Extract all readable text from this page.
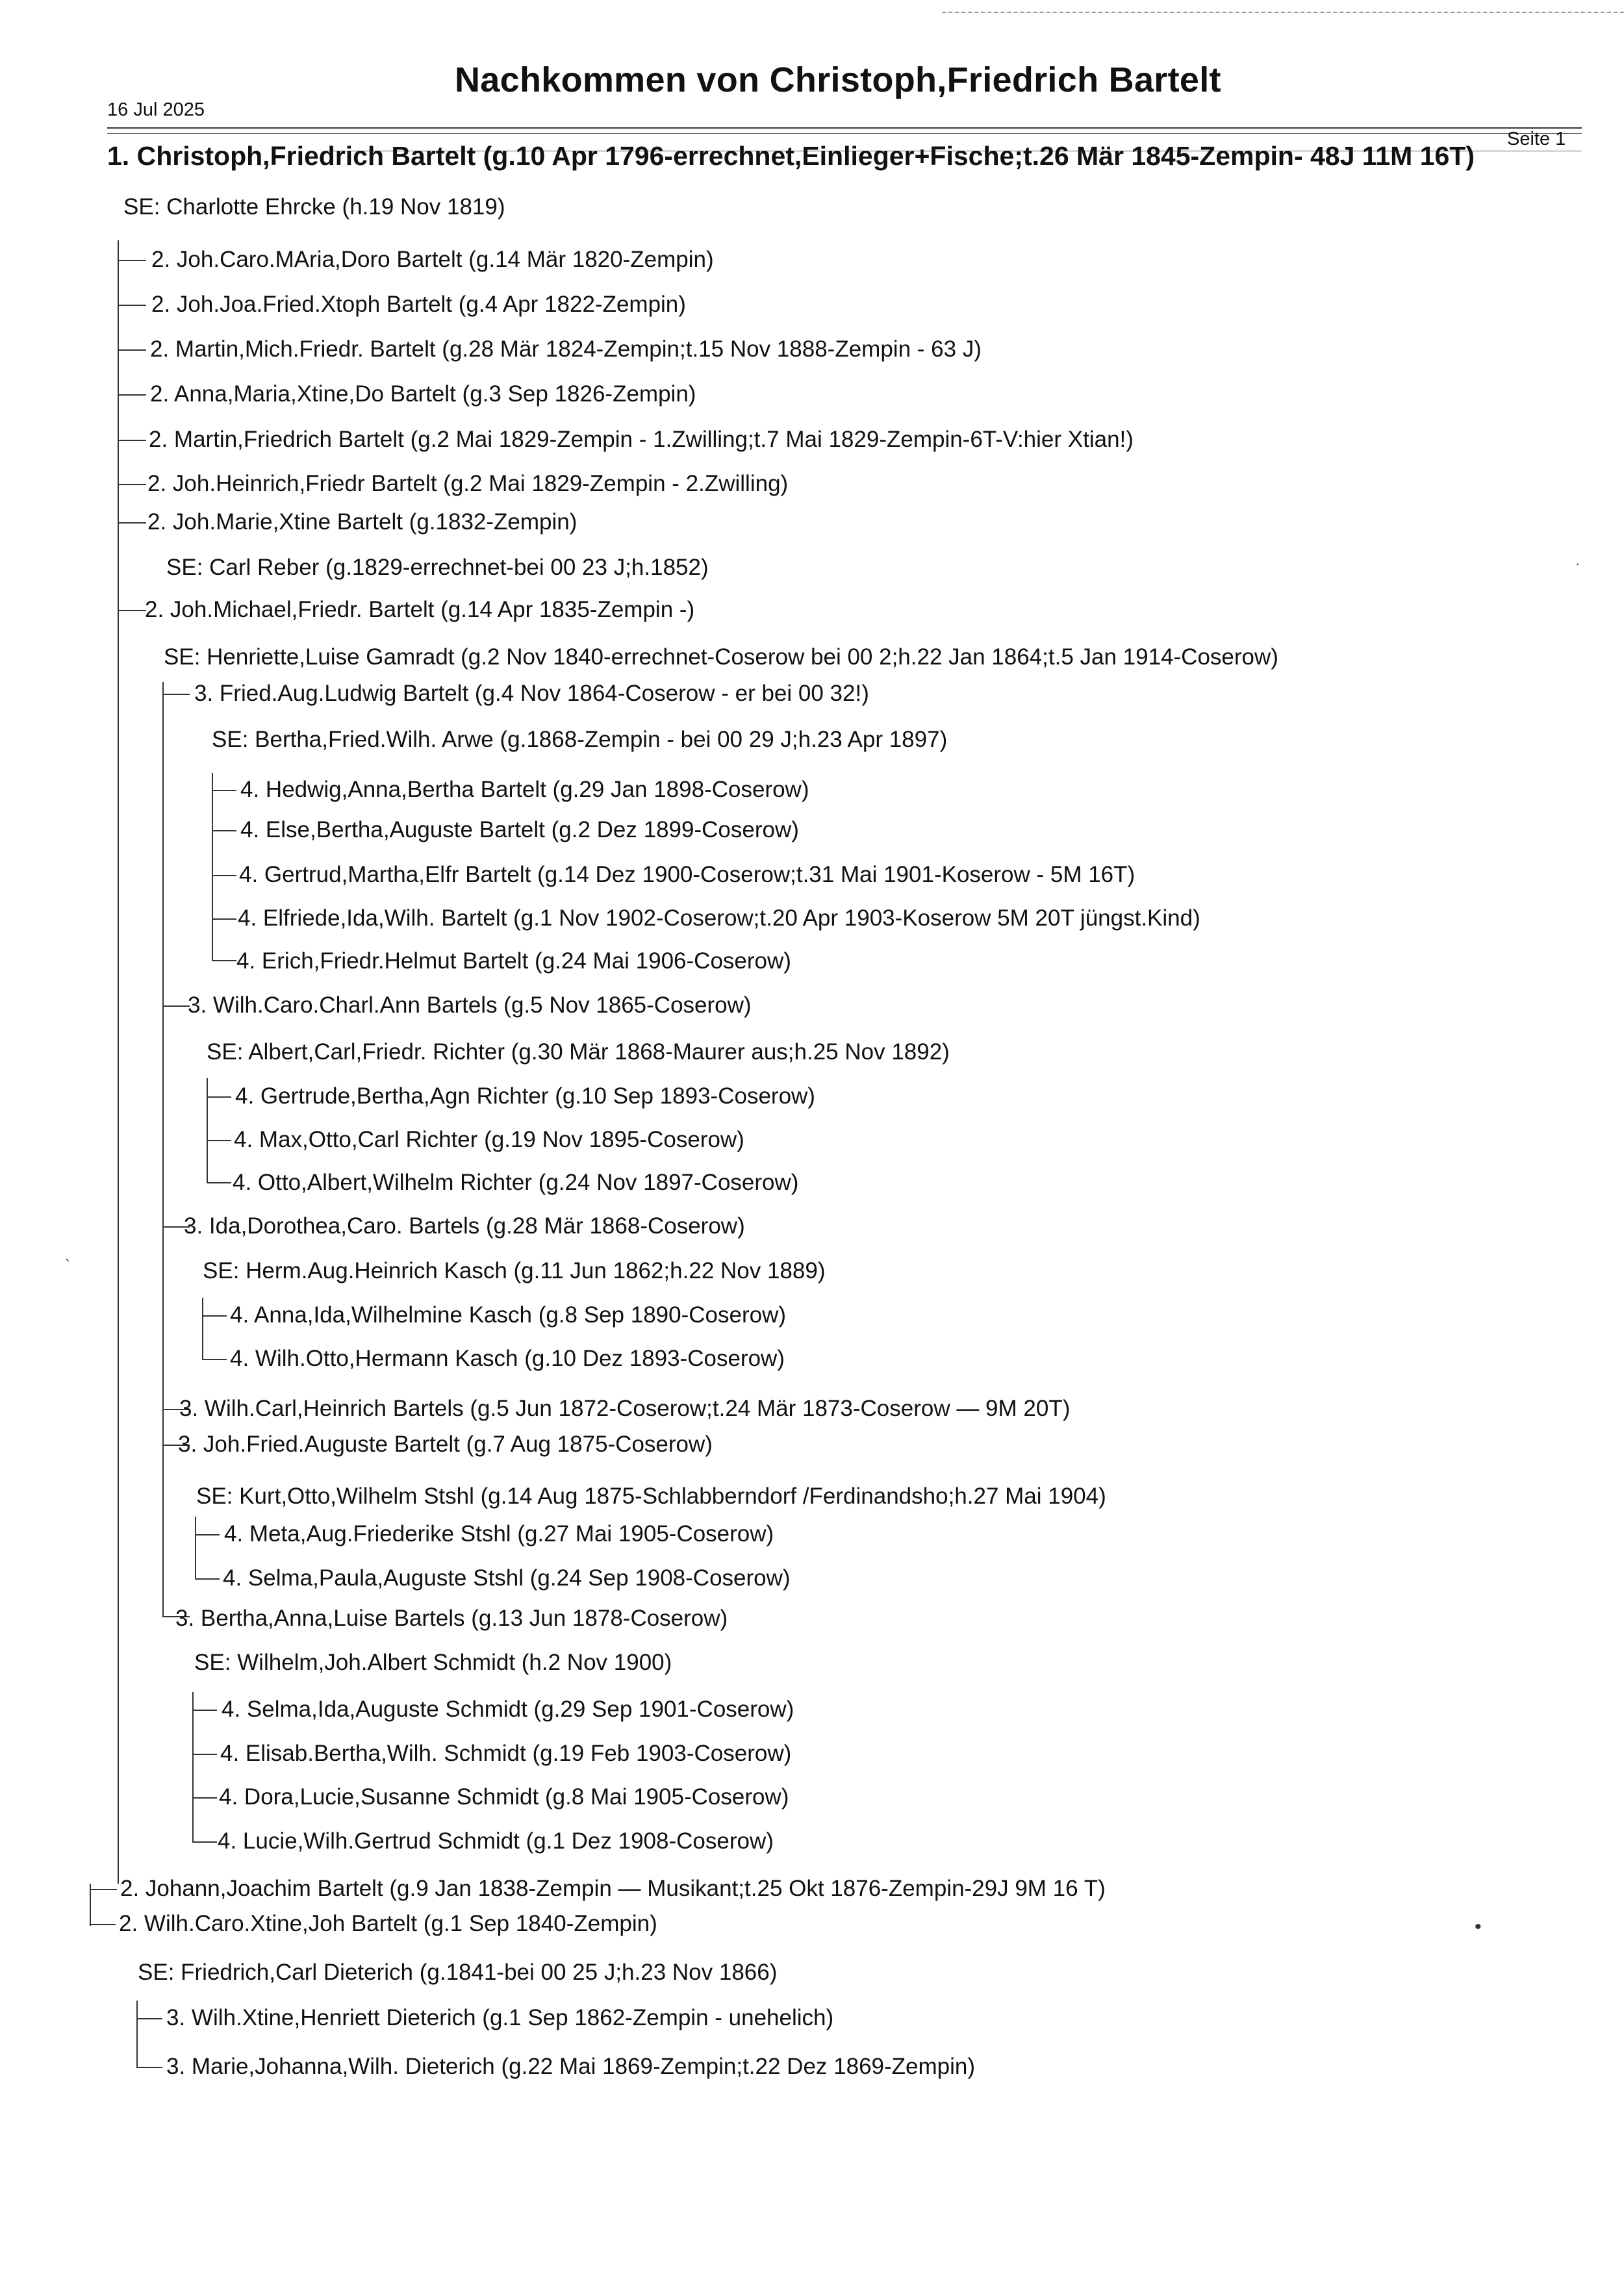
Nachkommen von Christoph,Friedrich Bartelt
16 Jul 2025
Seite 1
1. Christoph,Friedrich Bartelt (g.10 Apr 1796-errechnet,Einlieger+Fische;t.26 Mär 1845-Zempin- 48J 11M 16T)
SE: Charlotte Ehrcke (h.19 Nov 1819)
2. Joh.Caro.MAria,Doro Bartelt (g.14 Mär 1820-Zempin)
2. Joh.Joa.Fried.Xtoph Bartelt (g.4 Apr 1822-Zempin)
2. Martin,Mich.Friedr. Bartelt (g.28 Mär 1824-Zempin;t.15 Nov 1888-Zempin - 63 J)
2. Anna,Maria,Xtine,Do Bartelt (g.3 Sep 1826-Zempin)
2. Martin,Friedrich Bartelt (g.2 Mai 1829-Zempin - 1.Zwilling;t.7 Mai 1829-Zempin-6T-V:hier Xtian!)
2. Joh.Heinrich,Friedr Bartelt (g.2 Mai 1829-Zempin - 2.Zwilling)
2. Joh.Marie,Xtine Bartelt (g.1832-Zempin)
SE: Carl Reber (g.1829-errechnet-bei 00 23 J;h.1852)
2. Joh.Michael,Friedr. Bartelt (g.14 Apr 1835-Zempin -)
SE: Henriette,Luise Gamradt (g.2 Nov 1840-errechnet-Coserow bei 00 2;h.22 Jan 1864;t.5 Jan 1914-Coserow)
3. Fried.Aug.Ludwig Bartelt (g.4 Nov 1864-Coserow - er bei 00 32!)
SE: Bertha,Fried.Wilh. Arwe (g.1868-Zempin - bei 00 29 J;h.23 Apr 1897)
4. Hedwig,Anna,Bertha Bartelt (g.29 Jan 1898-Coserow)
4. Else,Bertha,Auguste Bartelt (g.2 Dez 1899-Coserow)
4. Gertrud,Martha,Elfr Bartelt (g.14 Dez 1900-Coserow;t.31 Mai 1901-Koserow - 5M 16T)
4. Elfriede,Ida,Wilh. Bartelt (g.1 Nov 1902-Coserow;t.20 Apr 1903-Koserow 5M 20T jüngst.Kind)
4. Erich,Friedr.Helmut Bartelt (g.24 Mai 1906-Coserow)
3. Wilh.Caro.Charl.Ann Bartels (g.5 Nov 1865-Coserow)
SE: Albert,Carl,Friedr. Richter (g.30 Mär 1868-Maurer aus;h.25 Nov 1892)
4. Gertrude,Bertha,Agn Richter (g.10 Sep 1893-Coserow)
4. Max,Otto,Carl Richter (g.19 Nov 1895-Coserow)
4. Otto,Albert,Wilhelm Richter (g.24 Nov 1897-Coserow)
3. Ida,Dorothea,Caro. Bartels (g.28 Mär 1868-Coserow)
SE: Herm.Aug.Heinrich Kasch (g.11 Jun 1862;h.22 Nov 1889)
4. Anna,Ida,Wilhelmine Kasch (g.8 Sep 1890-Coserow)
4. Wilh.Otto,Hermann Kasch (g.10 Dez 1893-Coserow)
3. Wilh.Carl,Heinrich Bartels (g.5 Jun 1872-Coserow;t.24 Mär 1873-Coserow — 9M 20T)
3. Joh.Fried.Auguste Bartelt (g.7 Aug 1875-Coserow)
SE: Kurt,Otto,Wilhelm Stshl (g.14 Aug 1875-Schlabberndorf /Ferdinandsho;h.27 Mai 1904)
4. Meta,Aug.Friederike Stshl (g.27 Mai 1905-Coserow)
4. Selma,Paula,Auguste Stshl (g.24 Sep 1908-Coserow)
3. Bertha,Anna,Luise Bartels (g.13 Jun 1878-Coserow)
SE: Wilhelm,Joh.Albert Schmidt (h.2 Nov 1900)
4. Selma,Ida,Auguste Schmidt (g.29 Sep 1901-Coserow)
4. Elisab.Bertha,Wilh. Schmidt (g.19 Feb 1903-Coserow)
4. Dora,Lucie,Susanne Schmidt (g.8 Mai 1905-Coserow)
4. Lucie,Wilh.Gertrud Schmidt (g.1 Dez 1908-Coserow)
2. Johann,Joachim Bartelt (g.9 Jan 1838-Zempin — Musikant;t.25 Okt 1876-Zempin-29J 9M 16 T)
2. Wilh.Caro.Xtine,Joh Bartelt (g.1 Sep 1840-Zempin)
SE: Friedrich,Carl Dieterich (g.1841-bei 00 25 J;h.23 Nov 1866)
3. Wilh.Xtine,Henriett Dieterich (g.1 Sep 1862-Zempin - unehelich)
3. Marie,Johanna,Wilh. Dieterich (g.22 Mai 1869-Zempin;t.22 Dez 1869-Zempin)
•
·
`
